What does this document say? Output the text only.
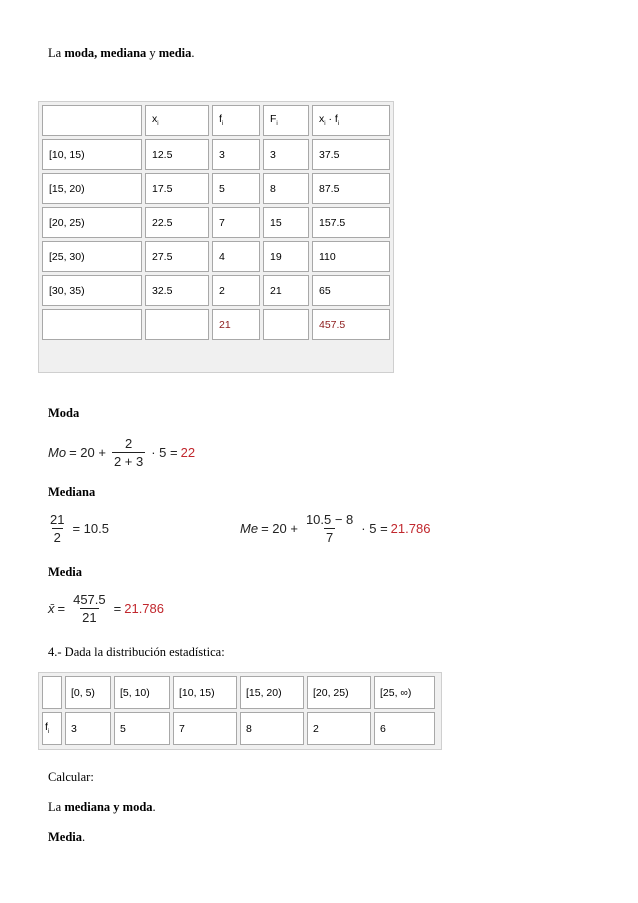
La moda, mediana y media.
	$x_i$	$f_i$	$F_i$	$x_i \cdot f_i$
[10, 15)	12.5	3	3	37.5
[15, 20)	17.5	5	8	87.5
[20, 25)	22.5	7	15	157.5
[25, 30)	27.5	4	19	110
[30, 35)	32.5	2	21	65
		21		457.5
Moda
$Mo = 20 + \frac{2}{2 + 3} \cdot 5 = 22$
Mediana
$\frac{21}{2} = 10.5$	$Me = 20 + \frac{10.5 - 8}{7} \cdot 5 = 21.786$
Media
x̄ = $\frac{457.5}{21} = 21.786$
4.- Dada la distribución estadística:
	[0, 5)	[5, 10)	[10, 15)	[15, 20)	[20, 25)	[25, ∞)
$f_i$	3	5	7	8	2	6
Calcular:
La mediana y moda.
Media.
